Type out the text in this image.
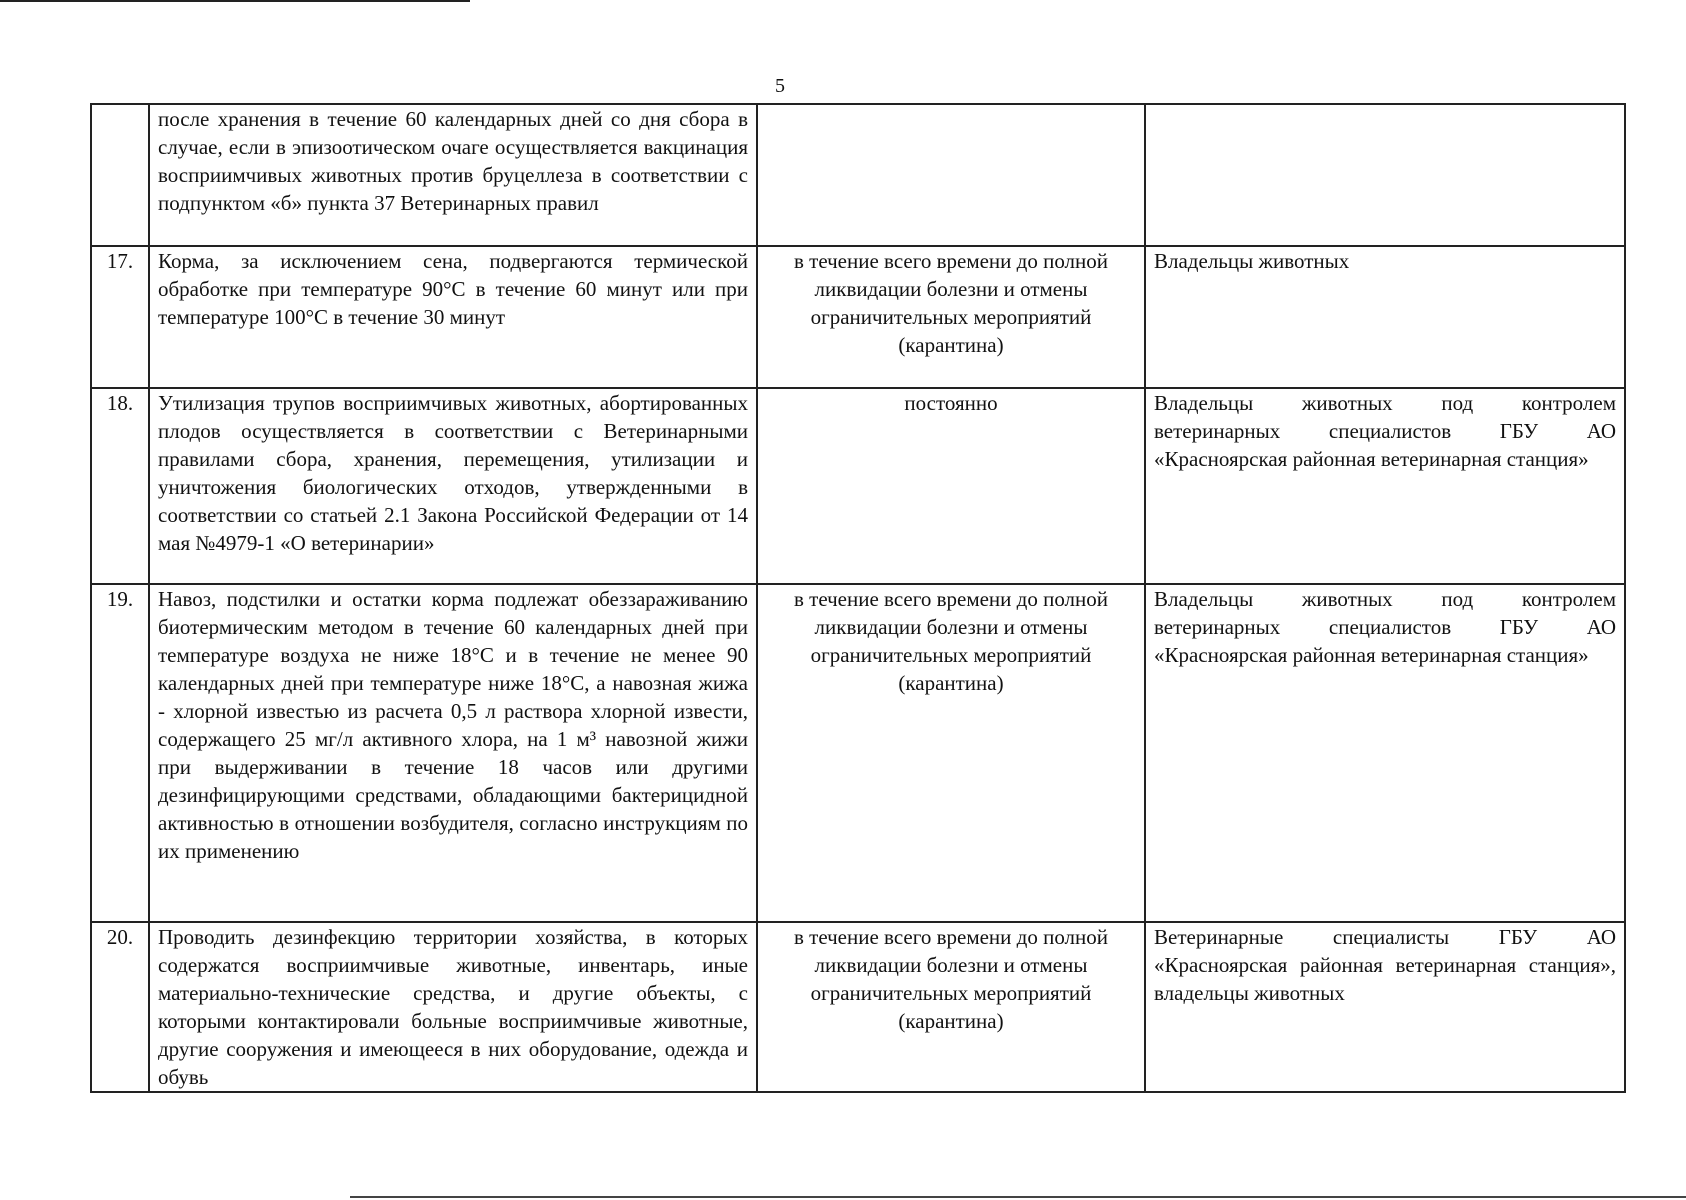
5

	после хранения в течение 60 календарных дней со дня сбора в случае, если в эпизоотическом очаге осуществляется вакцинация восприимчивых животных против бруцеллеза в соответствии с подпунктом «б» пункта 37 Ветеринарных правил		

17.	Корма, за исключением сена, подвергаются термической обработке при температуре 90°С в течение 60 минут или при температуре 100°С в течение 30 минут	в течение всего времени до полной ликвидации болезни и отмены ограничительных мероприятий (карантина)	Владельцы животных

18.	Утилизация трупов восприимчивых животных, абортированных плодов осуществляется в соответствии с Ветеринарными правилами сбора, хранения, перемещения, утилизации и уничтожения биологических отходов, утвержденными в соответствии со статьей 2.1 Закона Российской Федерации от 14 мая №4979-1 «О ветеринарии»	постоянно	Владельцы животных под контролем ветеринарных специалистов ГБУ АО «Красноярская районная ветеринарная станция»

19.	Навоз, подстилки и остатки корма подлежат обеззараживанию биотермическим методом в течение 60 календарных дней при температуре воздуха не ниже 18°С и в течение не менее 90 календарных дней при температуре ниже 18°С, а навозная жижа - хлорной известью из расчета 0,5 л раствора хлорной извести, содержащего 25 мг/л активного хлора, на 1 м³ навозной жижи при выдерживании в течение 18 часов или другими дезинфицирующими средствами, обладающими бактерицидной активностью в отношении возбудителя, согласно инструкциям по их применению	в течение всего времени до полной ликвидации болезни и отмены ограничительных мероприятий (карантина)	Владельцы животных под контролем ветеринарных специалистов ГБУ АО «Красноярская районная ветеринарная станция»

20.	Проводить дезинфекцию территории хозяйства, в которых содержатся восприимчивые животные, инвентарь, иные материально-технические средства, и другие объекты, с которыми контактировали больные восприимчивые животные, другие сооружения и имеющееся в них оборудование, одежда и обувь	в течение всего времени до полной ликвидации болезни и отмены ограничительных мероприятий (карантина)	Ветеринарные специалисты ГБУ АО «Красноярская районная ветеринарная станция», владельцы животных
